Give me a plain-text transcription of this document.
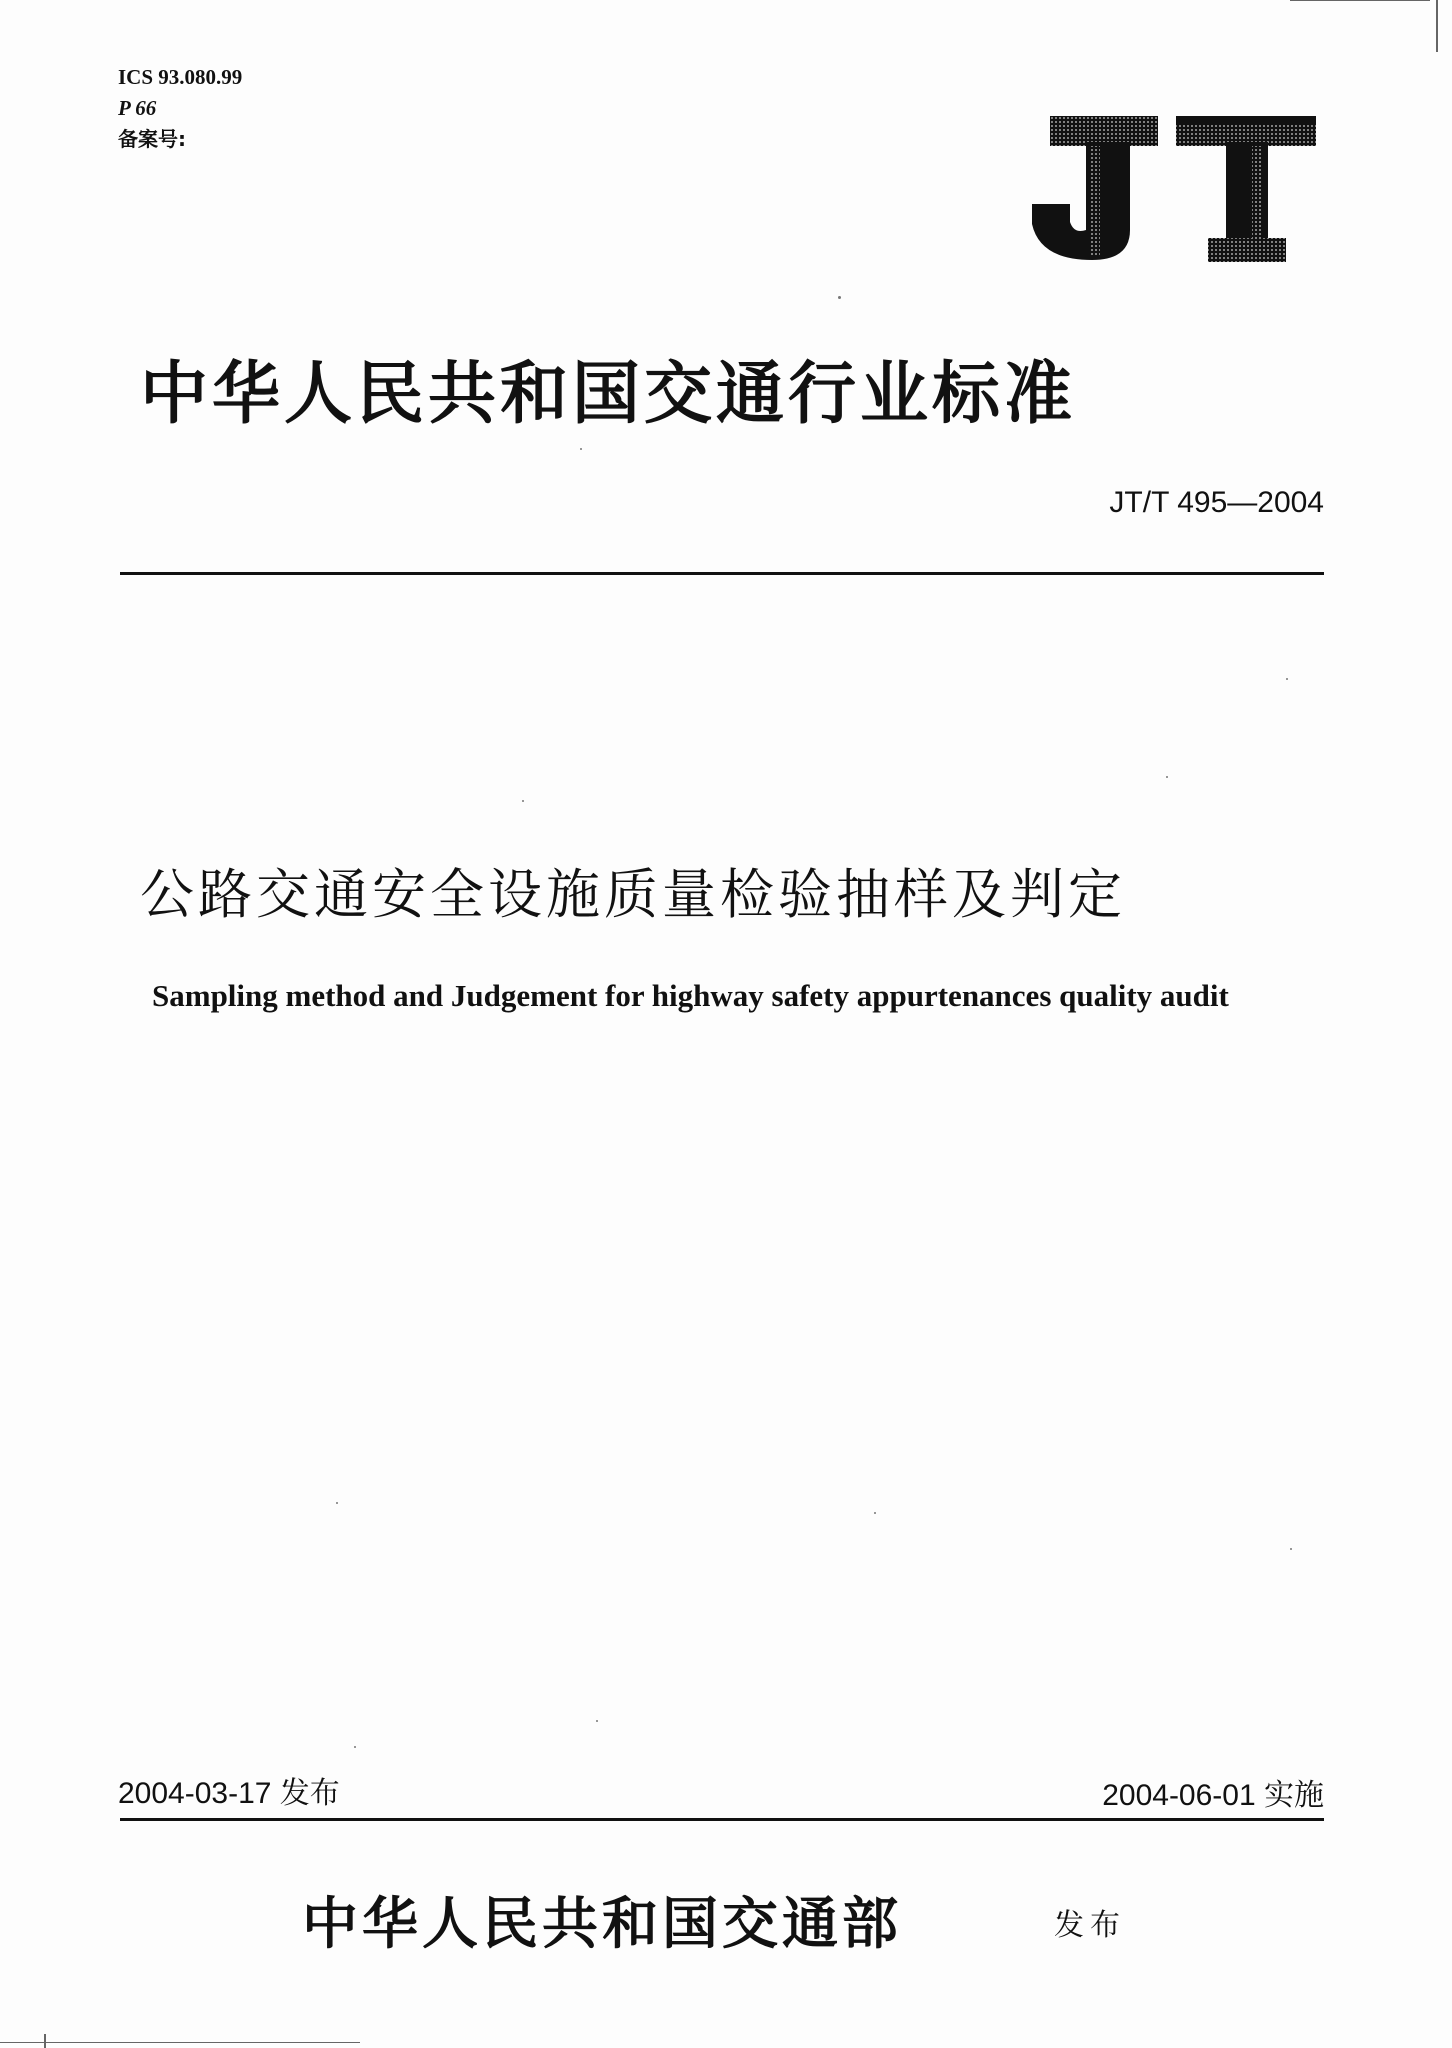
ICS 93.080.99
P 66
备案号:
中华人民共和国交通行业标准
JT/T 495—2004
公路交通安全设施质量检验抽样及判定
Sampling method and Judgement for highway safety appurtenances quality audit
2004-03-17 发布	2004-06-01 实施
中华人民共和国交通部	发布
